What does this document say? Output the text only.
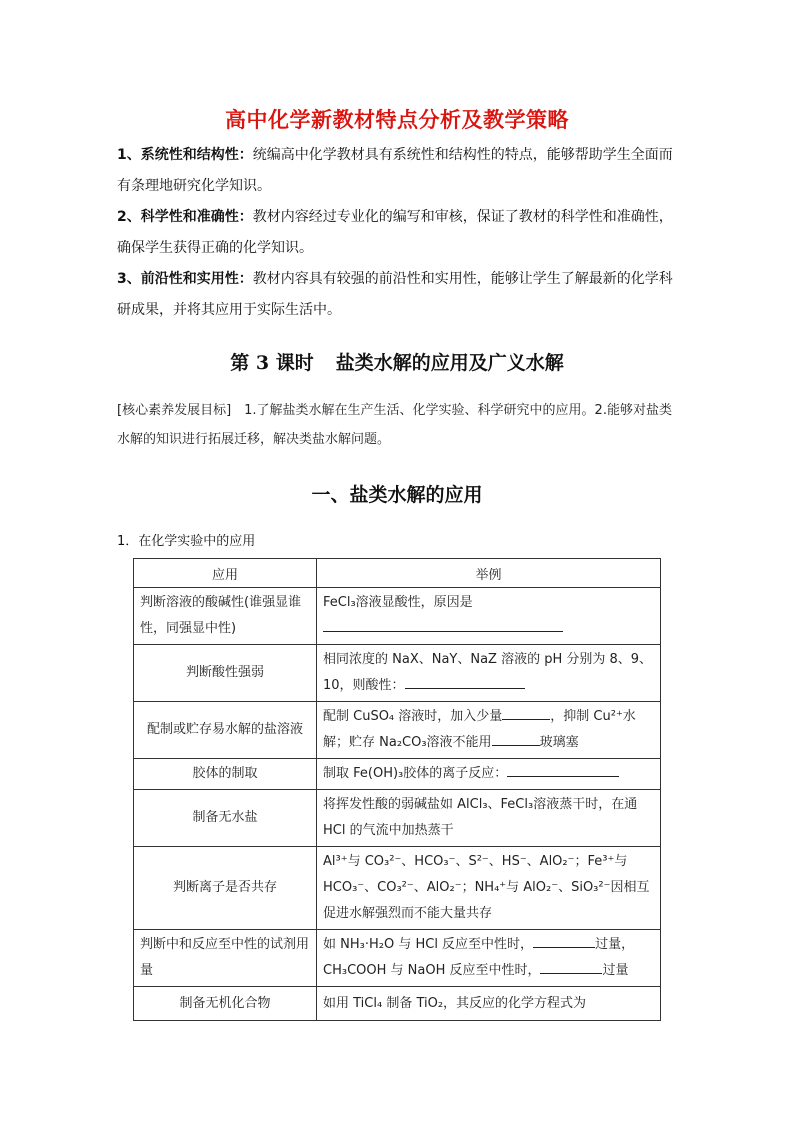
高中化学新教材特点分析及教学策略
1、系统性和结构性：统编高中化学教材具有系统性和结构性的特点，能够帮助学生全面而有条理地研究化学知识。
2、科学性和准确性：教材内容经过专业化的编写和审核，保证了教材的科学性和准确性，确保学生获得正确的化学知识。
3、前沿性和实用性：教材内容具有较强的前沿性和实用性，能够让学生了解最新的化学科研成果，并将其应用于实际生活中。
第 3 课时 盐类水解的应用及广义水解
[核心素养发展目标]　1.了解盐类水解在生产生活、化学实验、科学研究中的应用。2.能够对盐类水解的知识进行拓展迁移，解决类盐水解问题。
一、盐类水解的应用
1．在化学实验中的应用
应用	举例
判断溶液的酸碱性(谁强显谁性，同强显中性)	FeCl₃溶液显酸性，原因是
判断酸性强弱	相同浓度的 NaX、NaY、NaZ 溶液的 pH 分别为 8、9、10，则酸性：
配制或贮存易水解的盐溶液	配制 CuSO₄ 溶液时，加入少量 ，抑制 Cu²⁺水解；贮存 Na₂CO₃溶液不能用 玻璃塞
胶体的制取	制取 Fe(OH)₃胶体的离子反应：
制备无水盐	将挥发性酸的弱碱盐如 AlCl₃、FeCl₃溶液蒸干时，在通 HCl 的气流中加热蒸干
判断离子是否共存	Al³⁺与 CO₃²⁻、HCO₃⁻、S²⁻、HS⁻、AlO₂⁻；Fe³⁺与 HCO₃⁻、CO₃²⁻、AlO₂⁻；NH₄⁺与 AlO₂⁻、SiO₃²⁻因相互促进水解强烈而不能大量共存
判断中和反应至中性的试剂用量	如 NH₃·H₂O 与 HCl 反应至中性时， 过量，CH₃COOH 与 NaOH 反应至中性时， 过量
制备无机化合物	如用 TiCl₄ 制备 TiO₂，其反应的化学方程式为
